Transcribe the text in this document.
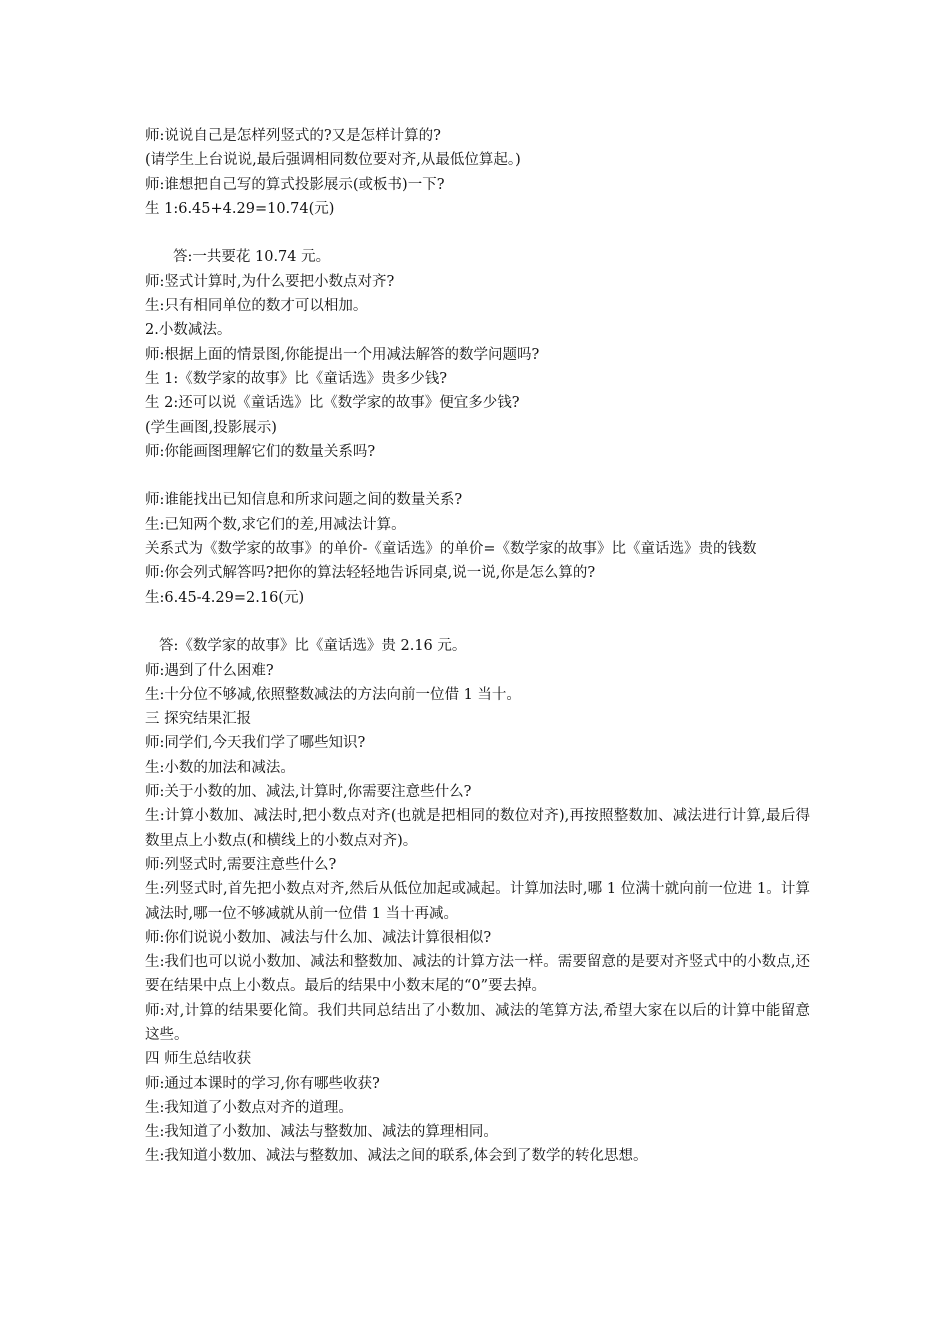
师:说说自己是怎样列竖式的?又是怎样计算的?
(请学生上台说说,最后强调相同数位要对齐,从最低位算起。)
师:谁想把自己写的算式投影展示(或板书)一下?
生 1:6.45+4.29=10.74(元)
答:一共要花 10.74 元。
师:竖式计算时,为什么要把小数点对齐?
生:只有相同单位的数才可以相加。
2.小数减法。
师:根据上面的情景图,你能提出一个用减法解答的数学问题吗?
生 1:《数学家的故事》比《童话选》贵多少钱?
生 2:还可以说《童话选》比《数学家的故事》便宜多少钱?
(学生画图,投影展示)
师:你能画图理解它们的数量关系吗?
师:谁能找出已知信息和所求问题之间的数量关系?
生:已知两个数,求它们的差,用减法计算。
关系式为《数学家的故事》的单价-《童话选》的单价=《数学家的故事》比《童话选》贵的钱数
师:你会列式解答吗?把你的算法轻轻地告诉同桌,说一说,你是怎么算的?
生:6.45-4.29=2.16(元)
答:《数学家的故事》比《童话选》贵 2.16 元。
师:遇到了什么困难?
生:十分位不够减,依照整数减法的方法向前一位借 1 当十。
三 探究结果汇报
师:同学们,今天我们学了哪些知识?
生:小数的加法和减法。
师:关于小数的加、减法,计算时,你需要注意些什么?
生:计算小数加、减法时,把小数点对齐(也就是把相同的数位对齐),再按照整数加、减法进行计算,最后得数里点上小数点(和横线上的小数点对齐)。
师:列竖式时,需要注意些什么?
生:列竖式时,首先把小数点对齐,然后从低位加起或减起。计算加法时,哪 1 位满十就向前一位进 1。计算减法时,哪一位不够减就从前一位借 1 当十再减。
师:你们说说小数加、减法与什么加、减法计算很相似?
生:我们也可以说小数加、减法和整数加、减法的计算方法一样。需要留意的是要对齐竖式中的小数点,还要在结果中点上小数点。最后的结果中小数末尾的“0”要去掉。
师:对,计算的结果要化简。我们共同总结出了小数加、减法的笔算方法,希望大家在以后的计算中能留意这些。
四 师生总结收获
师:通过本课时的学习,你有哪些收获?
生:我知道了小数点对齐的道理。
生:我知道了小数加、减法与整数加、减法的算理相同。
生:我知道小数加、减法与整数加、减法之间的联系,体会到了数学的转化思想。
